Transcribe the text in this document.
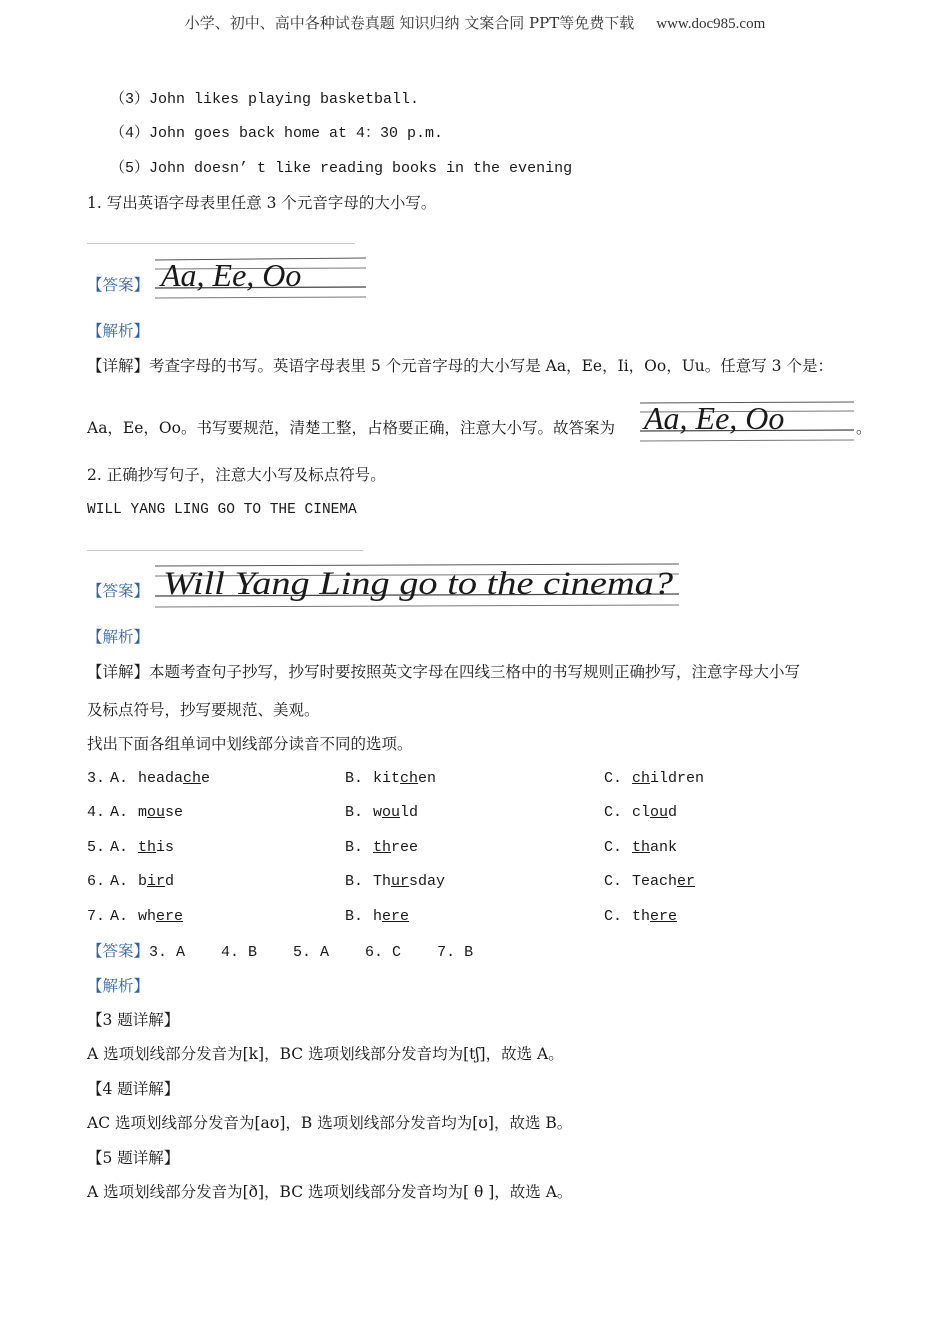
小学、初中、高中各种试卷真题 知识归纳 文案合同 PPT等免费下载 www.doc985.com
（3）John likes playing basketball.
（4）John goes back home at 4：30 p.m.
（5）John doesn’ t like reading books in the evening
1. 写出英语字母表里任意 3 个元音字母的大小写。
【答案】 Aa, Ee, Oo
【解析】
【详解】考查字母的书写。英语字母表里 5 个元音字母的大小写是 Aa，Ee，Ii，Oo，Uu。任意写 3 个是：
Aa，Ee，Oo。书写要规范，清楚工整，占格要正确，注意大小写。故答案为 Aa, Ee, Oo	。
2. 正确抄写句子，注意大小写及标点符号。
WILL YANG LING GO TO THE CINEMA
【答案】 Will Yang Ling go to the cinema?
【解析】
【详解】本题考查句子抄写，抄写时要按照英文字母在四线三格中的书写规则正确抄写，注意字母大小写
及标点符号，抄写要规范、美观。
找出下面各组单词中划线部分读音不同的选项。
3. A. headache	B. kitchen	C. children
4. A. mouse	B. would	C. cloud
5. A. this	B. three	C. thank
6. A. bird	B. Thursday	C. Teacher
7. A. where	B. here	C. there
【答案】3. A    4. B    5. A    6. C    7. B
【解析】
【3 题详解】
A 选项划线部分发音为[k]，BC 选项划线部分发音均为[tʃ]，故选 A。
【4 题详解】
AC 选项划线部分发音为[aʊ]，B 选项划线部分发音均为[ʊ]，故选 B。
【5 题详解】
A 选项划线部分发音为[ð]，BC 选项划线部分发音均为[ θ ]，故选 A。
